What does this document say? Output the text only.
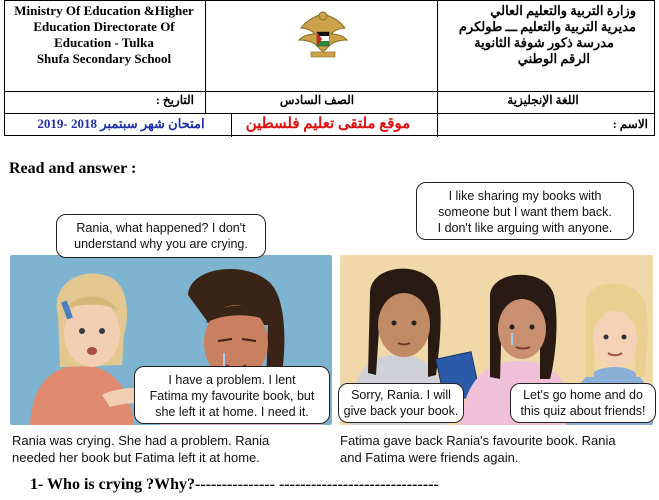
Ministry Of Education &Higher
Education Directorate Of
Education - Tulka
Shufa Secondary School
وزارة التربية والتعليم العالي
مديرية التربية والتعليم ـــ طولكرم
مدرسة ذكور شوفة الثانوية
الرقم الوطني
التاريخ :	الصف السادس	اللغة الإنجليزية
امتحان شهر سبتمبر 2018 -2019	موقع ملتقى تعليم فلسطين	الاسم :
Read and answer :
Rania, what happened? I don't
understand why you are crying.
I have a problem. I lent
Fatima my favourite book, but
she left it at home. I need it.
Rania was crying. She had a problem. Rania
needed her book but Fatima left it at home.
I like sharing my books with
someone but I want them back.
I don't like arguing with anyone.
Sorry, Rania. I will
give back your book.
Let's go home and do
this quiz about friends!
Fatima gave back Rania's favourite book. Rania
and Fatima were friends again.
1- Who is crying ?Why?--------------- ------------------------------
